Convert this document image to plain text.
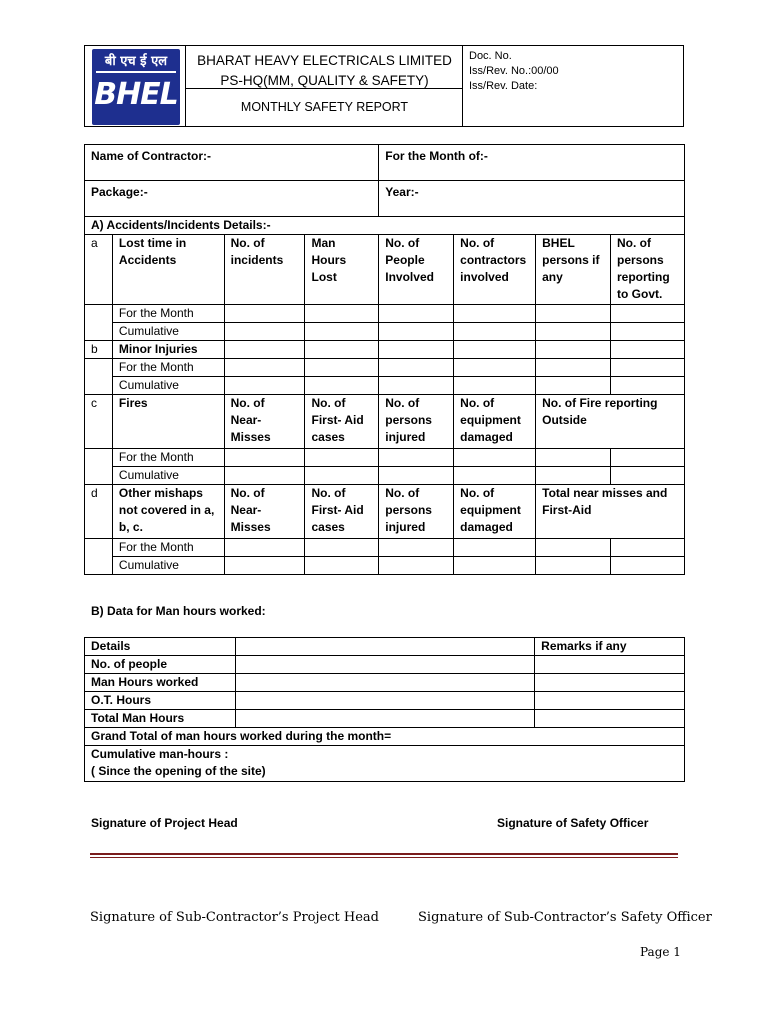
बी एच ई एल
BHEL
BHARAT HEAVY ELECTRICALS LIMITED
PS-HQ(MM, QUALITY & SAFETY)
MONTHLY SAFETY REPORT
Doc. No.
Iss/Rev. No.:00/00
Iss/Rev. Date:
Name of Contractor:-				For the Month of:-			
Package:-				Year:-			
A) Accidents/Incidents Details:-							
a	Lost time in Accidents	No. of incidents	Man Hours Lost	No. of People Involved	No. of contractors involved	BHEL persons if any	No. of persons reporting to Govt.
	For the Month						
	Cumulative						
b	Minor Injuries						
	For the Month						
	Cumulative						
c	Fires	No. of Near-Misses	No. of First- Aid cases	No. of persons injured	No. of equipment damaged	No. of Fire reporting Outside	
	For the Month						
	Cumulative						
d	Other mishaps not covered in a, b, c.	No. of Near-Misses	No. of First- Aid cases	No. of persons injured	No. of equipment damaged	Total near misses and First-Aid	
	For the Month						
	Cumulative						
B) Data for Man hours worked:
Details		Remarks if any
No. of people		
Man Hours worked		
O.T. Hours		
Total Man Hours		
Grand Total of man hours worked during the month=		

Cumulative man-hours :
( Since the opening of the site)		
Signature of Project Head	Signature of Safety Officer
Signature of Sub-Contractor’s Project Head	Signature of Sub-Contractor’s Safety Officer
Page 1
